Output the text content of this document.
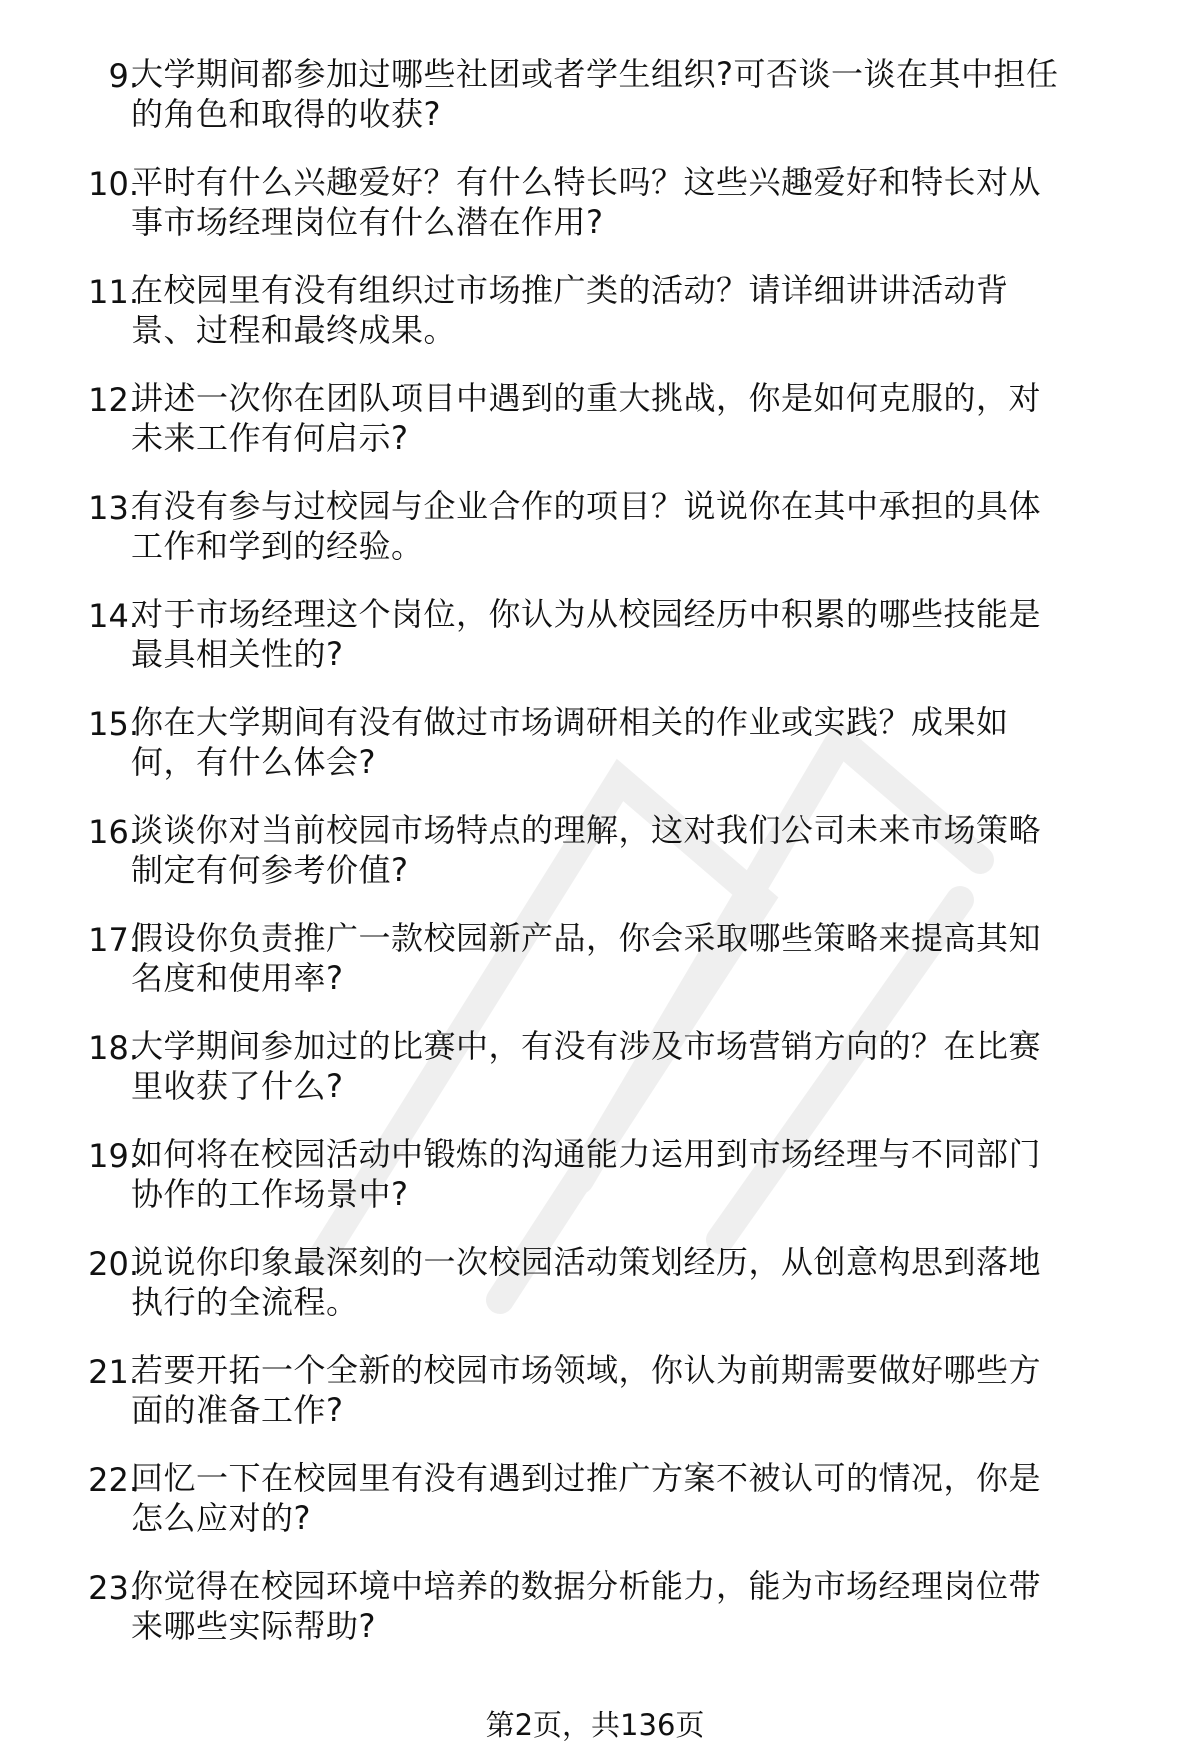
9.
大学期间都参加过哪些社团或者学生组织?可否谈一谈在其中担任
的角色和取得的收获?
10.
平时有什么兴趣爱好？有什么特长吗？这些兴趣爱好和特长对从
事市场经理岗位有什么潜在作用?
11.
在校园里有没有组织过市场推广类的活动？请详细讲讲活动背
景、过程和最终成果。
12.
讲述一次你在团队项目中遇到的重大挑战，你是如何克服的，对
未来工作有何启示?
13.
有没有参与过校园与企业合作的项目？说说你在其中承担的具体
工作和学到的经验。
14.
对于市场经理这个岗位，你认为从校园经历中积累的哪些技能是
最具相关性的?
15.
你在大学期间有没有做过市场调研相关的作业或实践？成果如
何，有什么体会?
16.
谈谈你对当前校园市场特点的理解，这对我们公司未来市场策略
制定有何参考价值?
17.
假设你负责推广一款校园新产品，你会采取哪些策略来提高其知
名度和使用率?
18.
大学期间参加过的比赛中，有没有涉及市场营销方向的？在比赛
里收获了什么?
19.
如何将在校园活动中锻炼的沟通能力运用到市场经理与不同部门
协作的工作场景中?
20.
说说你印象最深刻的一次校园活动策划经历，从创意构思到落地
执行的全流程。
21.
若要开拓一个全新的校园市场领域，你认为前期需要做好哪些方
面的准备工作?
22.
回忆一下在校园里有没有遇到过推广方案不被认可的情况，你是
怎么应对的?
23.
你觉得在校园环境中培养的数据分析能力，能为市场经理岗位带
来哪些实际帮助?
第2页，共136页
